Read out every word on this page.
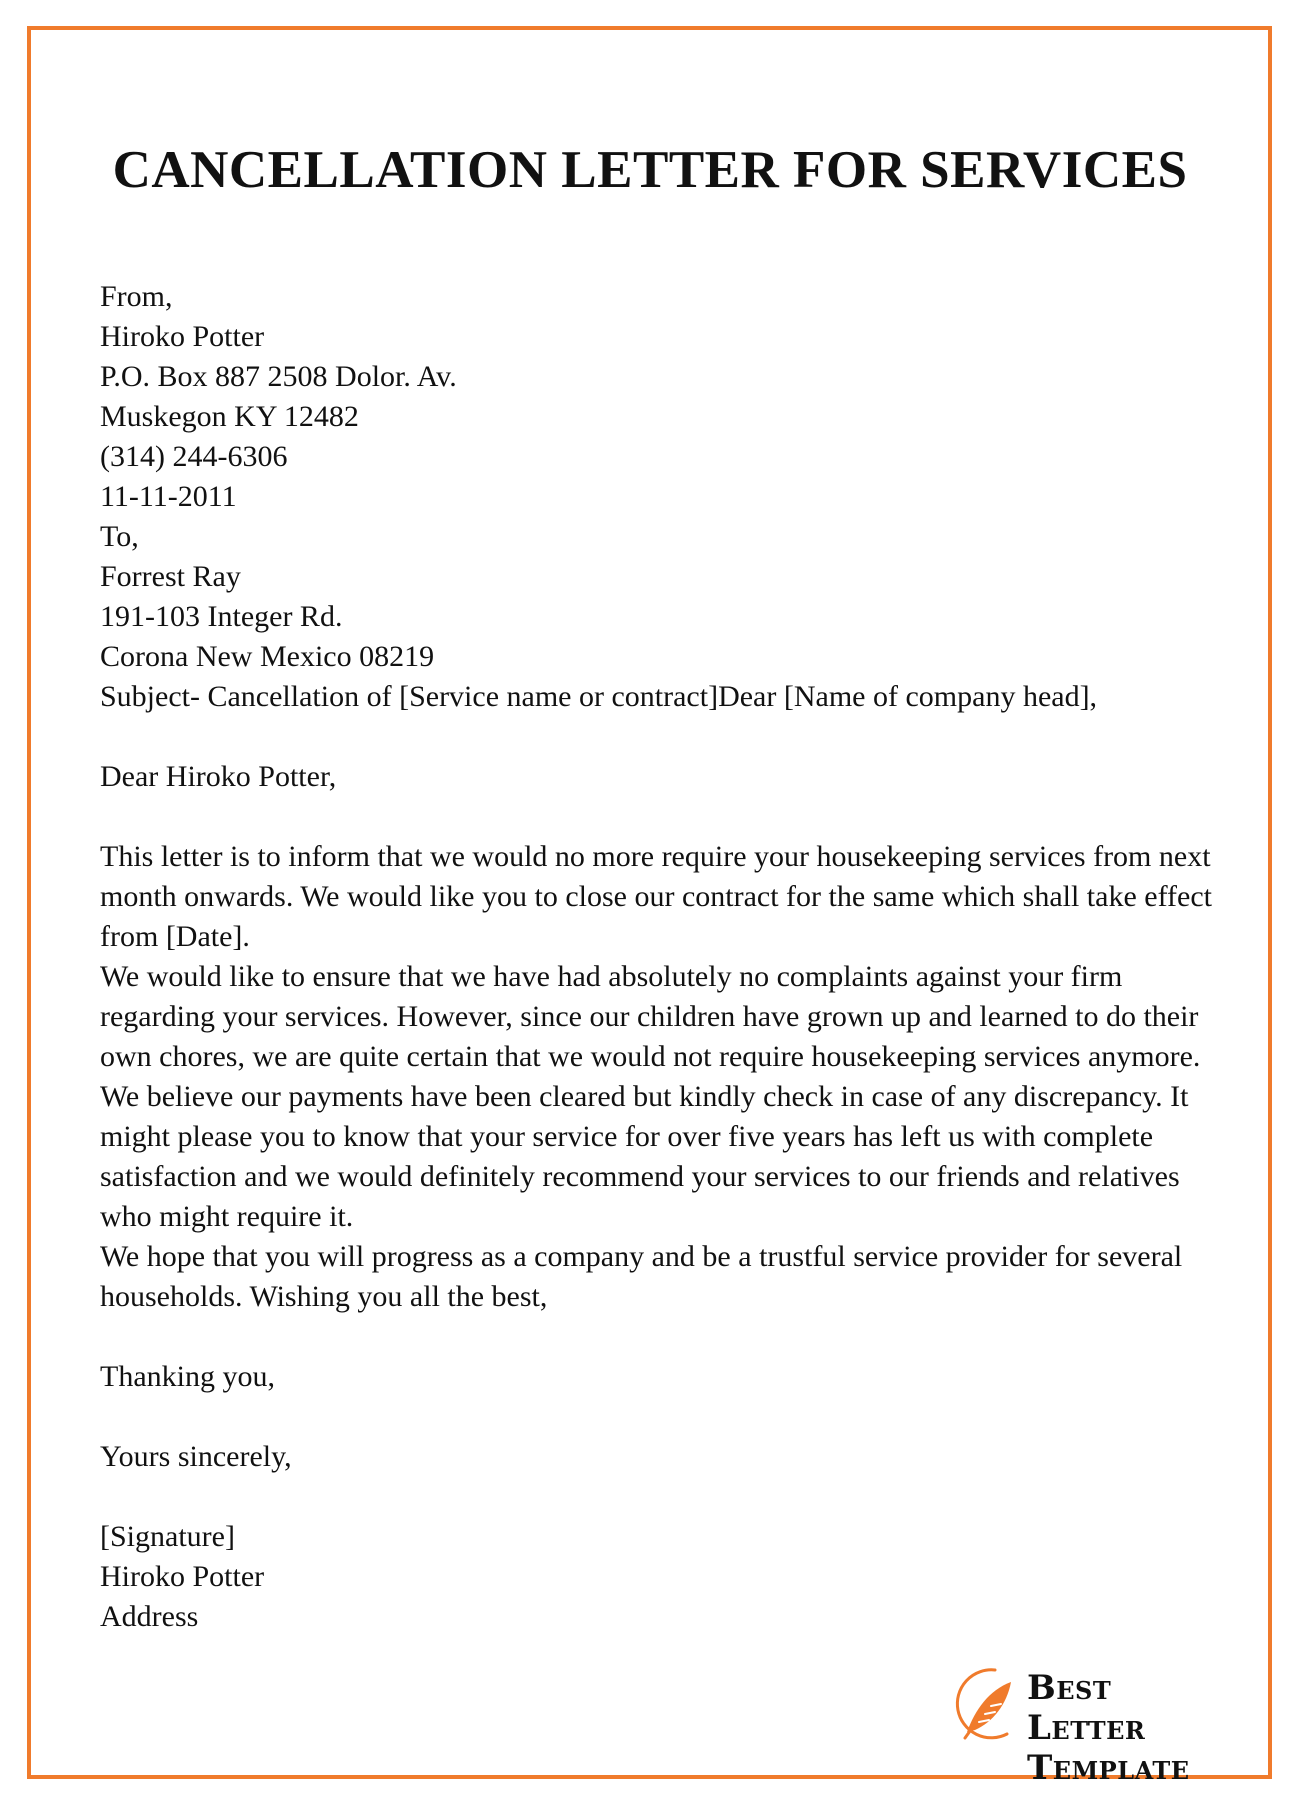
CANCELLATION LETTER FOR SERVICES
From,
Hiroko Potter
P.O. Box 887 2508 Dolor. Av.
Muskegon KY 12482
(314) 244-6306
11-11-2011
To,
Forrest Ray
191-103 Integer Rd.
Corona New Mexico 08219
Subject- Cancellation of [Service name or contract]Dear [Name of company head],
Dear Hiroko Potter,
This letter is to inform that we would no more require your housekeeping services from next month onwards. We would like you to close our contract for the same which shall take effect from [Date].
We would like to ensure that we have had absolutely no complaints against your firm regarding your services. However, since our children have grown up and learned to do their own chores, we are quite certain that we would not require housekeeping services anymore. We believe our payments have been cleared but kindly check in case of any discrepancy. It might please you to know that your service for over five years has left us with complete satisfaction and we would definitely recommend your services to our friends and relatives who might require it.
We hope that you will progress as a company and be a trustful service provider for several households. Wishing you all the best,
Thanking you,
Yours sincerely,
[Signature]
Hiroko Potter
Address
Best Letter
Template
